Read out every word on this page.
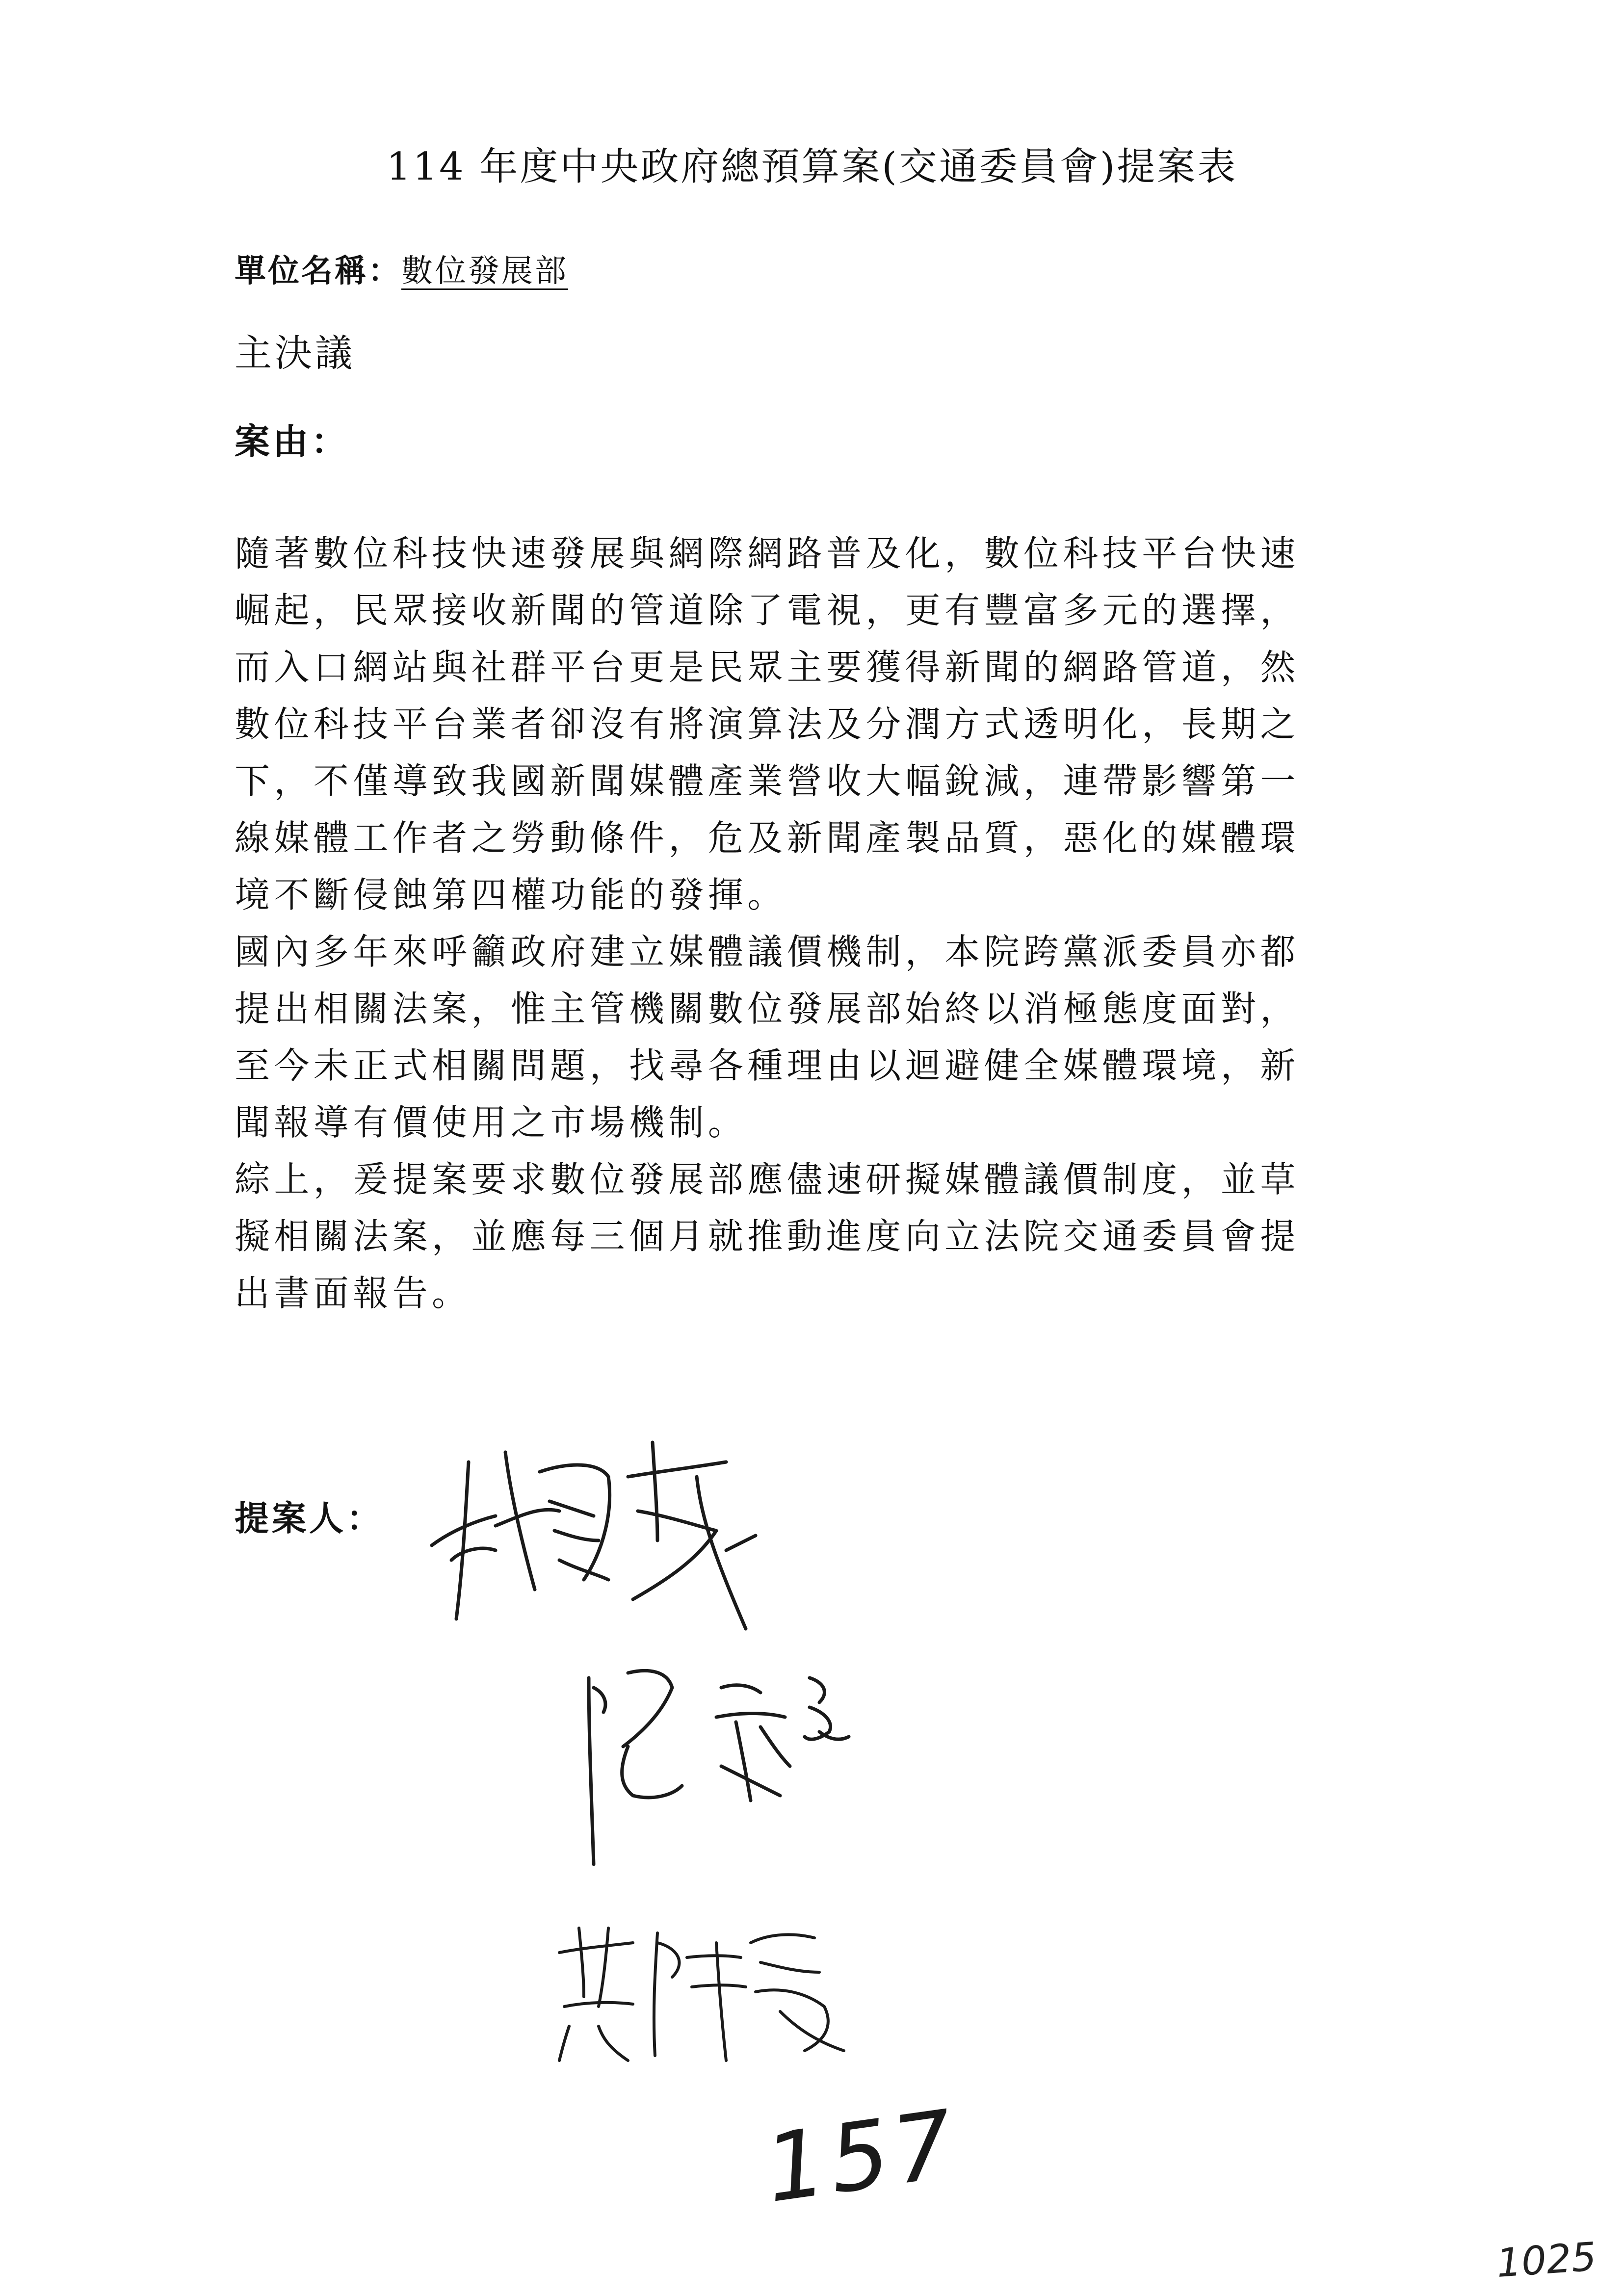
114 年度中央政府總預算案(交通委員會)提案表
單位名稱：數位發展部
主決議
案由：
隨著數位科技快速發展與網際網路普及化，數位科技平台快速
崛起，民眾接收新聞的管道除了電視，更有豐富多元的選擇，
而入口網站與社群平台更是民眾主要獲得新聞的網路管道，然
數位科技平台業者卻沒有將演算法及分潤方式透明化，長期之
下，不僅導致我國新聞媒體產業營收大幅銳減，連帶影響第一
線媒體工作者之勞動條件，危及新聞產製品質，惡化的媒體環
境不斷侵蝕第四權功能的發揮。
國內多年來呼籲政府建立媒體議價機制，本院跨黨派委員亦都
提出相關法案，惟主管機關數位發展部始終以消極態度面對，
至今未正式相關問題，找尋各種理由以迴避健全媒體環境，新
聞報導有價使用之市場機制。
綜上，爰提案要求數位發展部應儘速研擬媒體議價制度，並草
擬相關法案，並應每三個月就推動進度向立法院交通委員會提
出書面報告。
提案人：
157
1025
